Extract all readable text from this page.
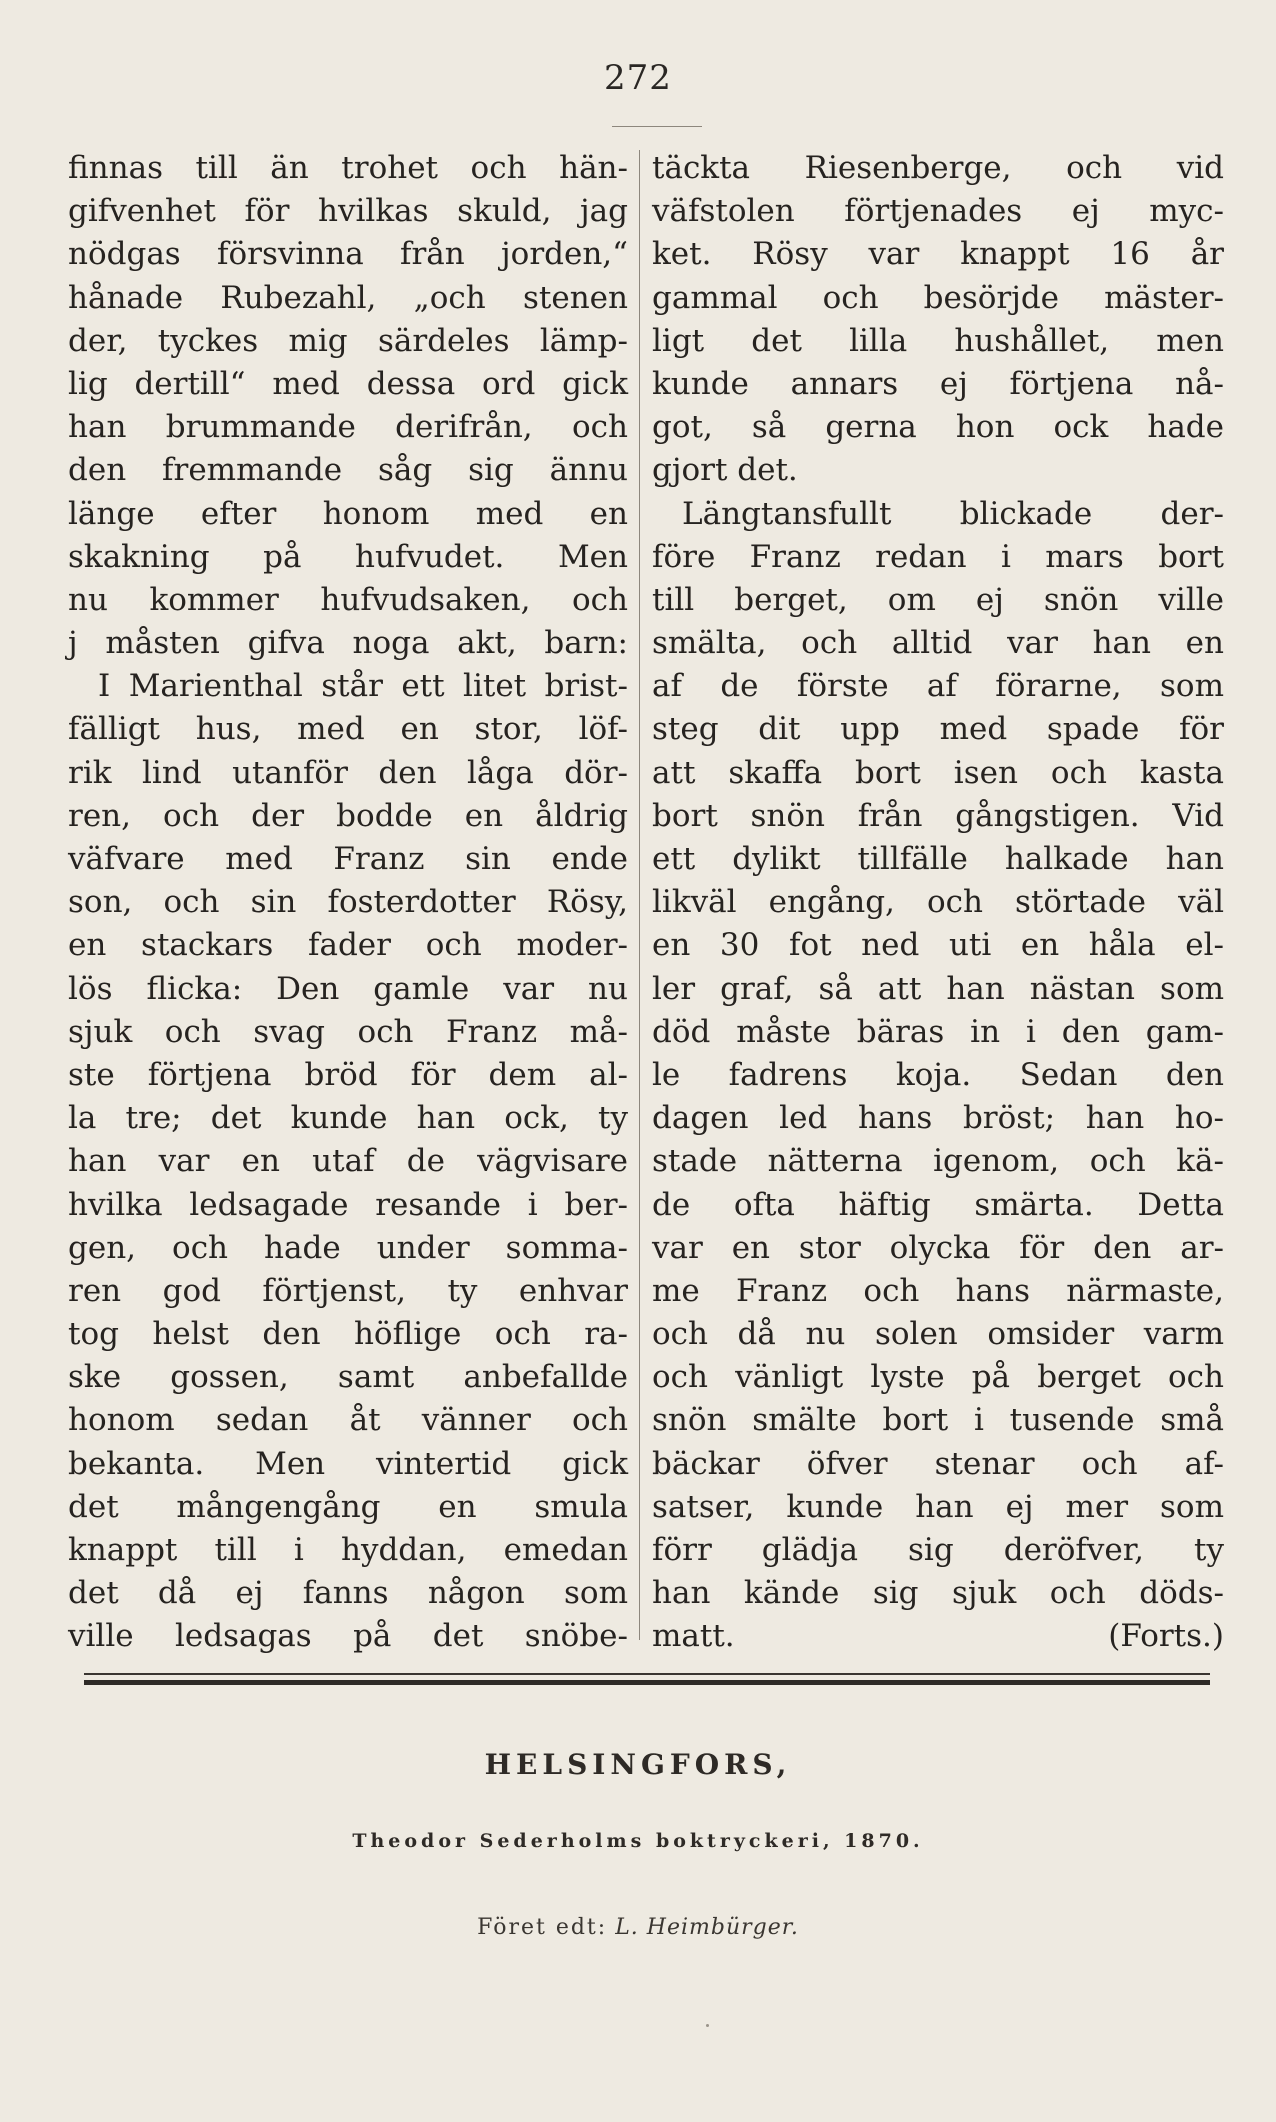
272
finnas till än trohet och hän-
gifvenhet för hvilkas skuld, jag
nödgas försvinna från jorden,“
hånade Rubezahl, „och stenen
der, tyckes mig särdeles lämp-
lig dertill“ med dessa ord gick
han brummande derifrån, och
den fremmande såg sig ännu
länge efter honom med en
skakning på hufvudet. Men
nu kommer hufvudsaken, och
j måsten gifva noga akt, barn:
I Marienthal står ett litet brist-
fälligt hus, med en stor, löf-
rik lind utanför den låga dör-
ren, och der bodde en åldrig
väfvare med Franz sin ende
son, och sin fosterdotter Rösy,
en stackars fader och moder-
lös flicka: Den gamle var nu
sjuk och svag och Franz må-
ste förtjena bröd för dem al-
la tre; det kunde han ock, ty
han var en utaf de vägvisare
hvilka ledsagade resande i ber-
gen, och hade under somma-
ren god förtjenst, ty enhvar
tog helst den höflige och ra-
ske gossen, samt anbefallde
honom sedan åt vänner och
bekanta. Men vintertid gick
det mångengång en smula
knappt till i hyddan, emedan
det då ej fanns någon som
ville ledsagas på det snöbe-
täckta Riesenberge, och vid
väfstolen förtjenades ej myc-
ket. Rösy var knappt 16 år
gammal och besörjde mäster-
ligt det lilla hushållet, men
kunde annars ej förtjena nå-
got, så gerna hon ock hade
gjort det.
Längtansfullt blickade der-
före Franz redan i mars bort
till berget, om ej snön ville
smälta, och alltid var han en
af de förste af förarne, som
steg dit upp med spade för
att skaffa bort isen och kasta
bort snön från gångstigen. Vid
ett dylikt tillfälle halkade han
likväl engång, och störtade väl
en 30 fot ned uti en håla el-
ler graf, så att han nästan som
död måste bäras in i den gam-
le fadrens koja. Sedan den
dagen led hans bröst; han ho-
stade nätterna igenom, och kä-
de ofta häftig smärta. Detta
var en stor olycka för den ar-
me Franz och hans närmaste,
och då nu solen omsider varm
och vänligt lyste på berget och
snön smälte bort i tusende små
bäckar öfver stenar och af-
satser, kunde han ej mer som
förr glädja sig deröfver, ty
han kände sig sjuk och döds-
matt. (Forts.)
HELSINGFORS,
Theodor Sederholms boktryckeri, 1870.
Föret edt: L. Heimbürger.
